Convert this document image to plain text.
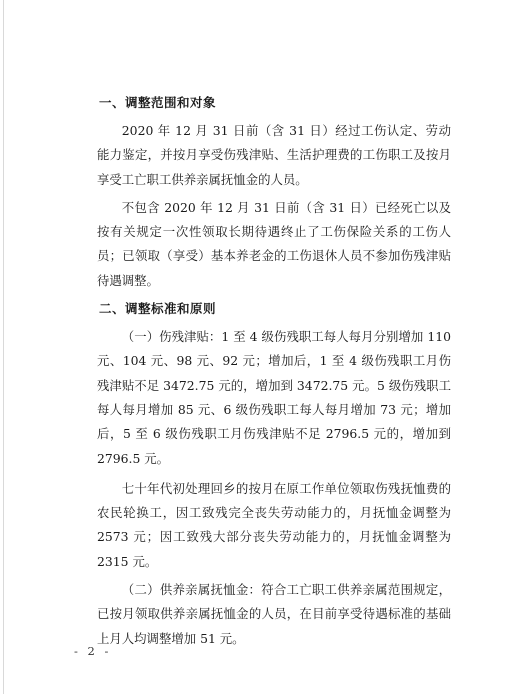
一、调整范围和对象

2020 年 12 月 31 日前（含 31 日）经过工伤认定、劳动能力鉴定，并按月享受伤残津贴、生活护理费的工伤职工及按月享受工亡职工供养亲属抚恤金的人员。

不包含 2020 年 12 月 31 日前（含 31 日）已经死亡以及按有关规定一次性领取长期待遇终止了工伤保险关系的工伤人员；已领取（享受）基本养老金的工伤退休人员不参加伤残津贴待遇调整。

二、调整标准和原则

（一）伤残津贴：1 至 4 级伤残职工每人每月分别增加 110 元、104 元、98 元、92 元；增加后，1 至 4 级伤残职工月伤残津贴不足 3472.75 元的，增加到 3472.75 元。5 级伤残职工每人每月增加 85 元、6 级伤残职工每人每月增加 73 元；增加后，5 至 6 级伤残职工月伤残津贴不足 2796.5 元的，增加到 2796.5 元。

七十年代初处理回乡的按月在原工作单位领取伤残抚恤费的农民轮换工，因工致残完全丧失劳动能力的，月抚恤金调整为 2573 元；因工致残大部分丧失劳动能力的，月抚恤金调整为 2315 元。

（二）供养亲属抚恤金：符合工亡职工供养亲属范围规定，已按月领取供养亲属抚恤金的人员，在目前享受待遇标准的基础上月人均调整增加 51 元。

- 2 -
